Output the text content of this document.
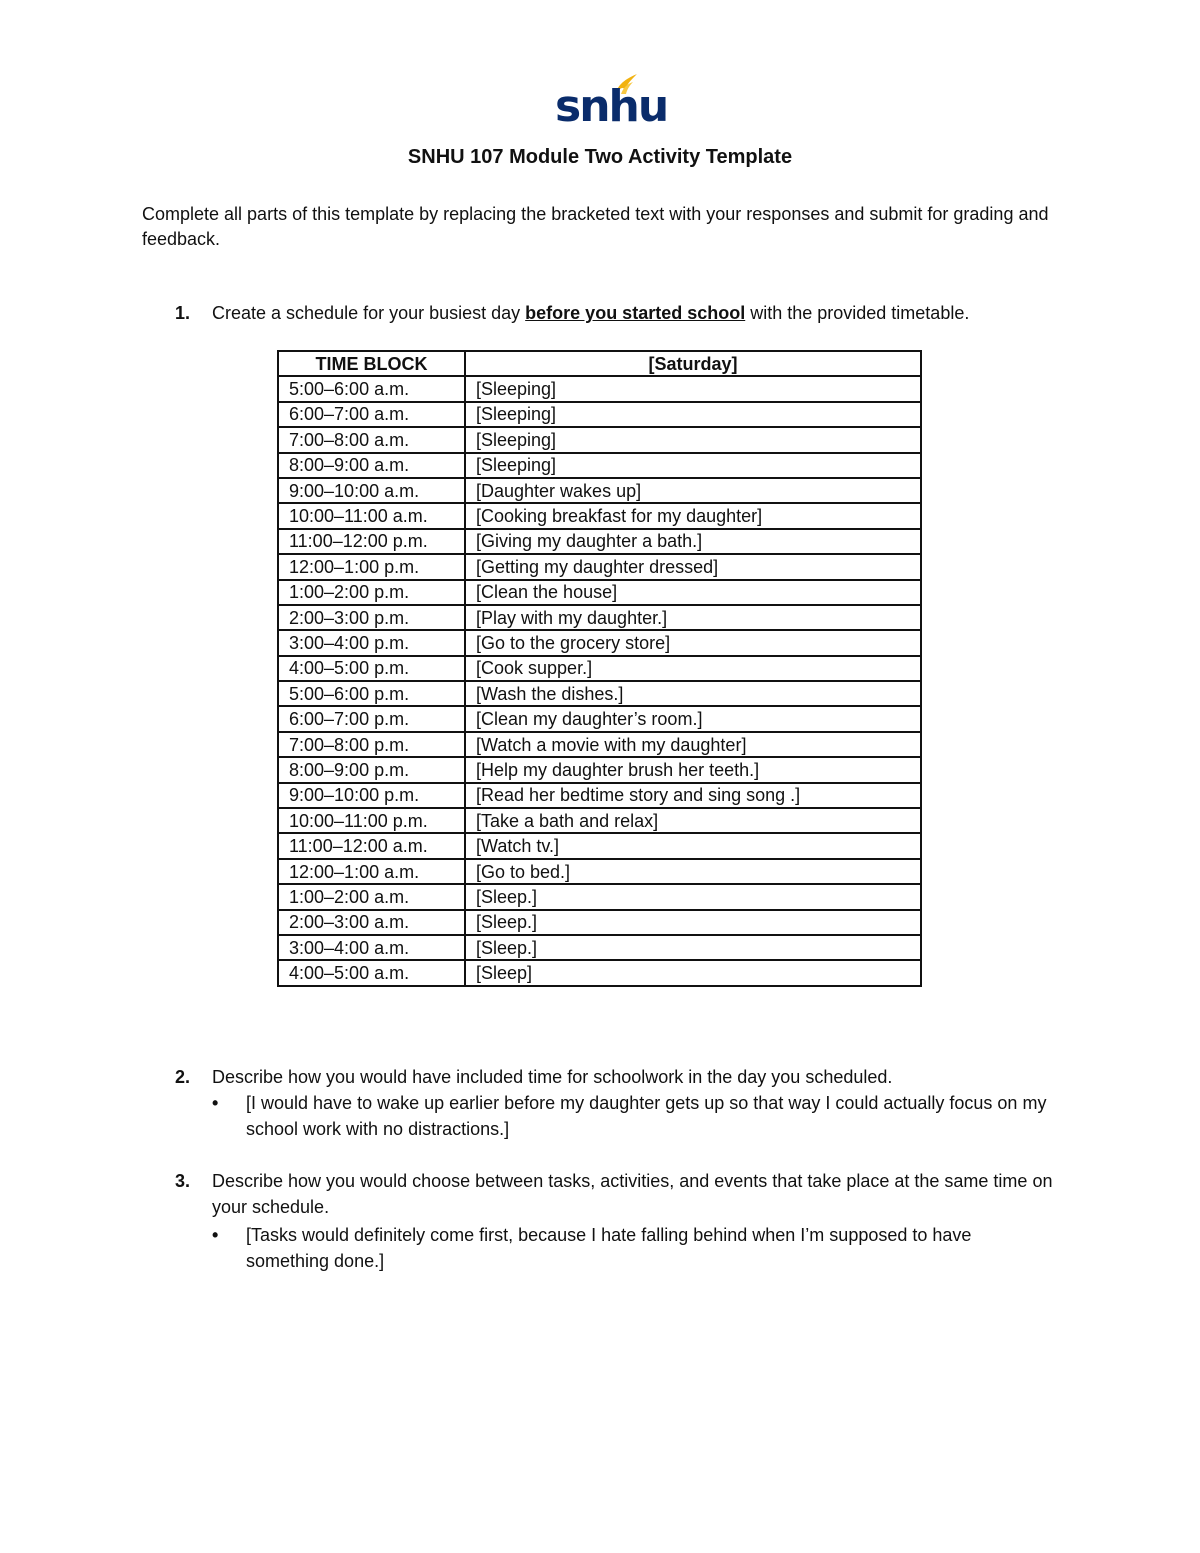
snhu
SNHU 107 Module Two Activity Template
Complete all parts of this template by replacing the bracketed text with your responses and submit for grading and feedback.
1. Create a schedule for your busiest day before you started school with the provided timetable.
TIME BLOCK	[Saturday]
5:00–6:00 a.m.	[Sleeping]
6:00–7:00 a.m.	[Sleeping]
7:00–8:00 a.m.	[Sleeping]
8:00–9:00 a.m.	[Sleeping]
9:00–10:00 a.m.	[Daughter wakes up]
10:00–11:00 a.m.	[Cooking breakfast for my daughter]
11:00–12:00 p.m.	[Giving my daughter a bath.]
12:00–1:00 p.m.	[Getting my daughter dressed]
1:00–2:00 p.m.	[Clean the house]
2:00–3:00 p.m.	[Play with my daughter.]
3:00–4:00 p.m.	[Go to the grocery store]
4:00–5:00 p.m.	[Cook supper.]
5:00–6:00 p.m.	[Wash the dishes.]
6:00–7:00 p.m.	[Clean my daughter’s room.]
7:00–8:00 p.m.	[Watch a movie with my daughter]
8:00–9:00 p.m.	[Help my daughter brush her teeth.]
9:00–10:00 p.m.	[Read her bedtime story and sing song .]
10:00–11:00 p.m.	[Take a bath and relax]
11:00–12:00 a.m.	[Watch tv.]
12:00–1:00 a.m.	[Go to bed.]
1:00–2:00 a.m.	[Sleep.]
2:00–3:00 a.m.	[Sleep.]
3:00–4:00 a.m.	[Sleep.]
4:00–5:00 a.m.	[Sleep]
2. Describe how you would have included time for schoolwork in the day you scheduled.
• [I would have to wake up earlier before my daughter gets up so that way I could actually focus on my school work with no distractions.]
3. Describe how you would choose between tasks, activities, and events that take place at the same time on your schedule.
• [Tasks would definitely come first, because I hate falling behind when I’m supposed to have something done.]
